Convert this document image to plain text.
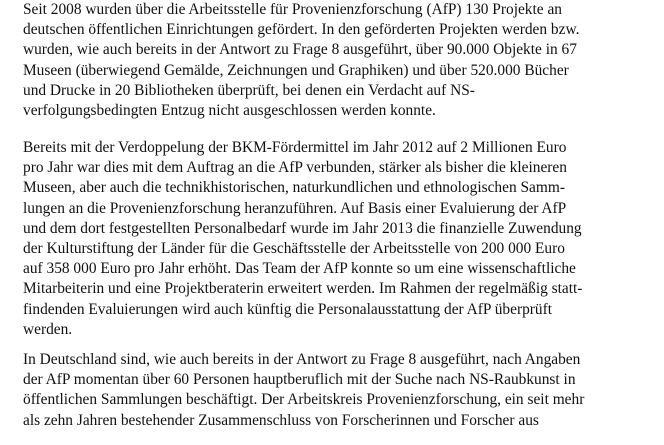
Seit 2008 wurden über die Arbeitsstelle für Provenienzforschung (AfP) 130 Projekte an
deutschen öffentlichen Einrichtungen gefördert. In den geförderten Projekten werden bzw.
wurden, wie auch bereits in der Antwort zu Frage 8 ausgeführt, über 90.000 Objekte in 67
Museen (überwiegend Gemälde, Zeichnungen und Graphiken) und über 520.000 Bücher
und Drucke in 20 Bibliotheken überprüft, bei denen ein Verdacht auf NS-
verfolgungsbedingten Entzug nicht ausgeschlossen werden konnte.

Bereits mit der Verdoppelung der BKM-Fördermittel im Jahr 2012 auf 2 Millionen Euro
pro Jahr war dies mit dem Auftrag an die AfP verbunden, stärker als bisher die kleineren
Museen, aber auch die technikhistorischen, naturkundlichen und ethnologischen Samm-
lungen an die Provenienzforschung heranzuführen. Auf Basis einer Evaluierung der AfP
und dem dort festgestellten Personalbedarf wurde im Jahr 2013 die finanzielle Zuwendung
der Kulturstiftung der Länder für die Geschäftsstelle der Arbeitsstelle von 200 000 Euro
auf 358 000 Euro pro Jahr erhöht. Das Team der AfP konnte so um eine wissenschaftliche
Mitarbeiterin und eine Projektberaterin erweitert werden. Im Rahmen der regelmäßig statt-
findenden Evaluierungen wird auch künftig die Personalausstattung der AfP überprüft
werden.

In Deutschland sind, wie auch bereits in der Antwort zu Frage 8 ausgeführt, nach Angaben
der AfP momentan über 60 Personen hauptberuflich mit der Suche nach NS-Raubkunst in
öffentlichen Sammlungen beschäftigt. Der Arbeitskreis Provenienzforschung, ein seit mehr
als zehn Jahren bestehender Zusammenschluss von Forscherinnen und Forscher aus
